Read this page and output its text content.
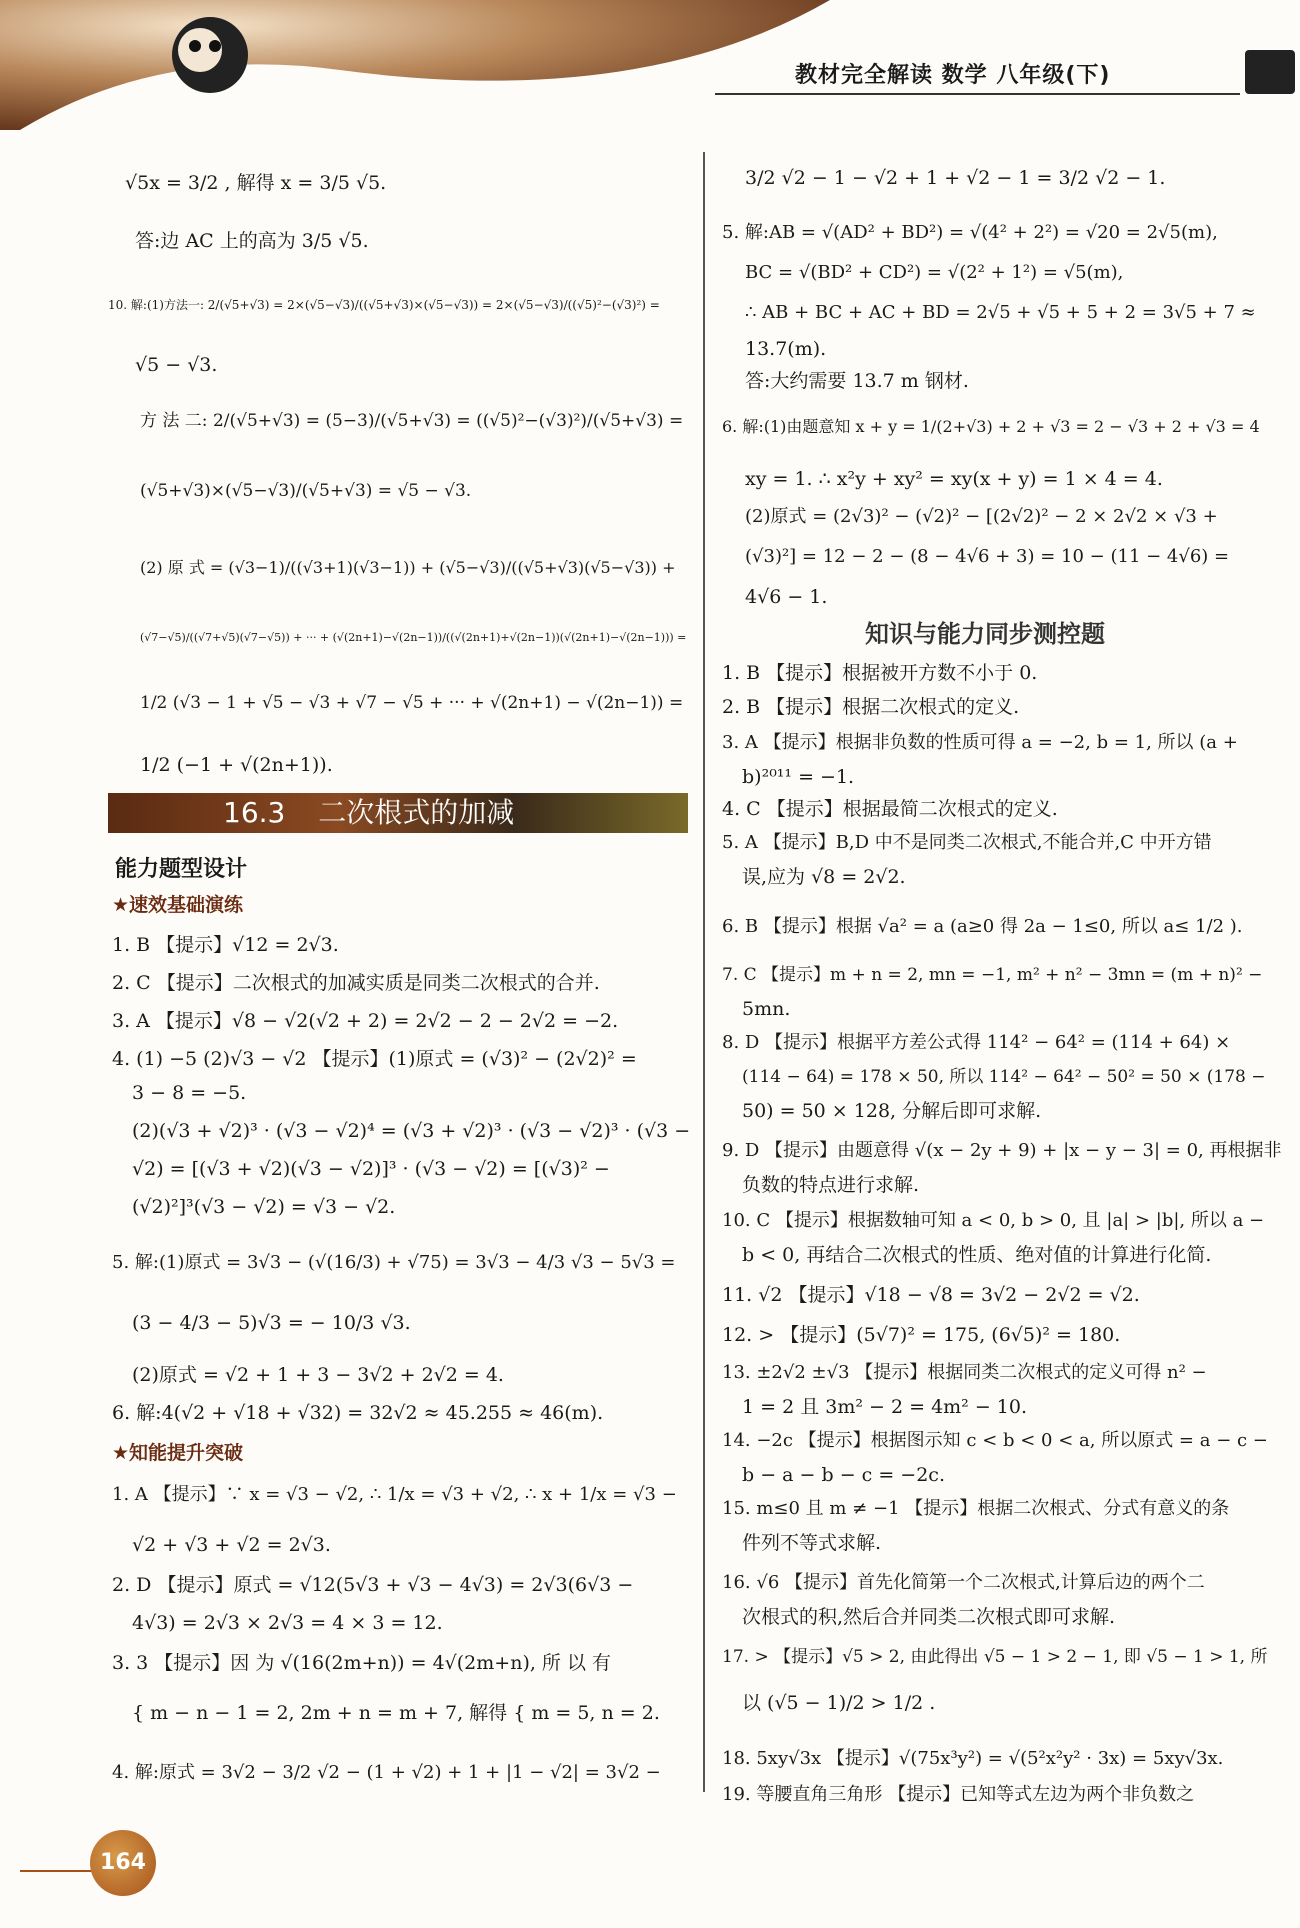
教材完全解读 数学 八年级(下)
√5x = 3/2 , 解得 x = 3/5 √5.
答:边 AC 上的高为 3/5 √5.
10. 解:(1)方法一: 2/(√5+√3) = 2×(√5−√3)/((√5+√3)×(√5−√3)) = 2×(√5−√3)/((√5)²−(√3)²) =
√5 − √3.
方 法 二: 2/(√5+√3) = (5−3)/(√5+√3) = ((√5)²−(√3)²)/(√5+√3) =
(√5+√3)×(√5−√3)/(√5+√3) = √5 − √3.
(2) 原 式 = (√3−1)/((√3+1)(√3−1)) + (√5−√3)/((√5+√3)(√5−√3)) +
(√7−√5)/((√7+√5)(√7−√5)) + ··· + (√(2n+1)−√(2n−1))/((√(2n+1)+√(2n−1))(√(2n+1)−√(2n−1))) =
1/2 (√3 − 1 + √5 − √3 + √7 − √5 + ··· + √(2n+1) − √(2n−1)) =
1/2 (−1 + √(2n+1)).
16.3 二次根式的加减
能力题型设计
★速效基础演练
1. B 【提示】√12 = 2√3.
2. C 【提示】二次根式的加减实质是同类二次根式的合并.
3. A 【提示】√8 − √2(√2 + 2) = 2√2 − 2 − 2√2 = −2.
4. (1) −5 (2)√3 − √2 【提示】(1)原式 = (√3)² − (2√2)² =
3 − 8 = −5.
(2)(√3 + √2)³ · (√3 − √2)⁴ = (√3 + √2)³ · (√3 − √2)³ · (√3 −
√2) = [(√3 + √2)(√3 − √2)]³ · (√3 − √2) = [(√3)² −
(√2)²]³(√3 − √2) = √3 − √2.
5. 解:(1)原式 = 3√3 − (√(16/3) + √75) = 3√3 − 4/3 √3 − 5√3 =
(3 − 4/3 − 5)√3 = − 10/3 √3.
(2)原式 = √2 + 1 + 3 − 3√2 + 2√2 = 4.
6. 解:4(√2 + √18 + √32) = 32√2 ≈ 45.255 ≈ 46(m).
★知能提升突破
1. A 【提示】∵ x = √3 − √2, ∴ 1/x = √3 + √2, ∴ x + 1/x = √3 −
√2 + √3 + √2 = 2√3.
2. D 【提示】原式 = √12(5√3 + √3 − 4√3) = 2√3(6√3 −
4√3) = 2√3 × 2√3 = 4 × 3 = 12.
3. 3 【提示】因 为 √(16(2m+n)) = 4√(2m+n), 所 以 有
{ m − n − 1 = 2, 2m + n = m + 7, 解得 { m = 5, n = 2.
4. 解:原式 = 3√2 − 3/2 √2 − (1 + √2) + 1 + |1 − √2| = 3√2 −
3/2 √2 − 1 − √2 + 1 + √2 − 1 = 3/2 √2 − 1.
5. 解:AB = √(AD² + BD²) = √(4² + 2²) = √20 = 2√5(m),
BC = √(BD² + CD²) = √(2² + 1²) = √5(m),
∴ AB + BC + AC + BD = 2√5 + √5 + 5 + 2 = 3√5 + 7 ≈
13.7(m).
答:大约需要 13.7 m 钢材.
6. 解:(1)由题意知 x + y = 1/(2+√3) + 2 + √3 = 2 − √3 + 2 + √3 = 4
xy = 1. ∴ x²y + xy² = xy(x + y) = 1 × 4 = 4.
(2)原式 = (2√3)² − (√2)² − [(2√2)² − 2 × 2√2 × √3 +
(√3)²] = 12 − 2 − (8 − 4√6 + 3) = 10 − (11 − 4√6) =
4√6 − 1.
知识与能力同步测控题
1. B 【提示】根据被开方数不小于 0.
2. B 【提示】根据二次根式的定义.
3. A 【提示】根据非负数的性质可得 a = −2, b = 1, 所以 (a +
b)²⁰¹¹ = −1.
4. C 【提示】根据最简二次根式的定义.
5. A 【提示】B,D 中不是同类二次根式,不能合并,C 中开方错
误,应为 √8 = 2√2.
6. B 【提示】根据 √a² = a (a≥0 得 2a − 1≤0, 所以 a≤ 1/2 ).
7. C 【提示】m + n = 2, mn = −1, m² + n² − 3mn = (m + n)² −
5mn.
8. D 【提示】根据平方差公式得 114² − 64² = (114 + 64) ×
(114 − 64) = 178 × 50, 所以 114² − 64² − 50² = 50 × (178 −
50) = 50 × 128, 分解后即可求解.
9. D 【提示】由题意得 √(x − 2y + 9) + |x − y − 3| = 0, 再根据非
负数的特点进行求解.
10. C 【提示】根据数轴可知 a < 0, b > 0, 且 |a| > |b|, 所以 a −
b < 0, 再结合二次根式的性质、绝对值的计算进行化简.
11. √2 【提示】√18 − √8 = 3√2 − 2√2 = √2.
12. > 【提示】(5√7)² = 175, (6√5)² = 180.
13. ±2√2 ±√3 【提示】根据同类二次根式的定义可得 n² −
1 = 2 且 3m² − 2 = 4m² − 10.
14. −2c 【提示】根据图示知 c < b < 0 < a, 所以原式 = a − c −
b − a − b − c = −2c.
15. m≤0 且 m ≠ −1 【提示】根据二次根式、分式有意义的条
件列不等式求解.
16. √6 【提示】首先化简第一个二次根式,计算后边的两个二
次根式的积,然后合并同类二次根式即可求解.
17. > 【提示】√5 > 2, 由此得出 √5 − 1 > 2 − 1, 即 √5 − 1 > 1, 所
以 (√5 − 1)/2 > 1/2 .
18. 5xy√3x 【提示】√(75x³y²) = √(5²x²y² · 3x) = 5xy√3x.
19. 等腰直角三角形 【提示】已知等式左边为两个非负数之
164
